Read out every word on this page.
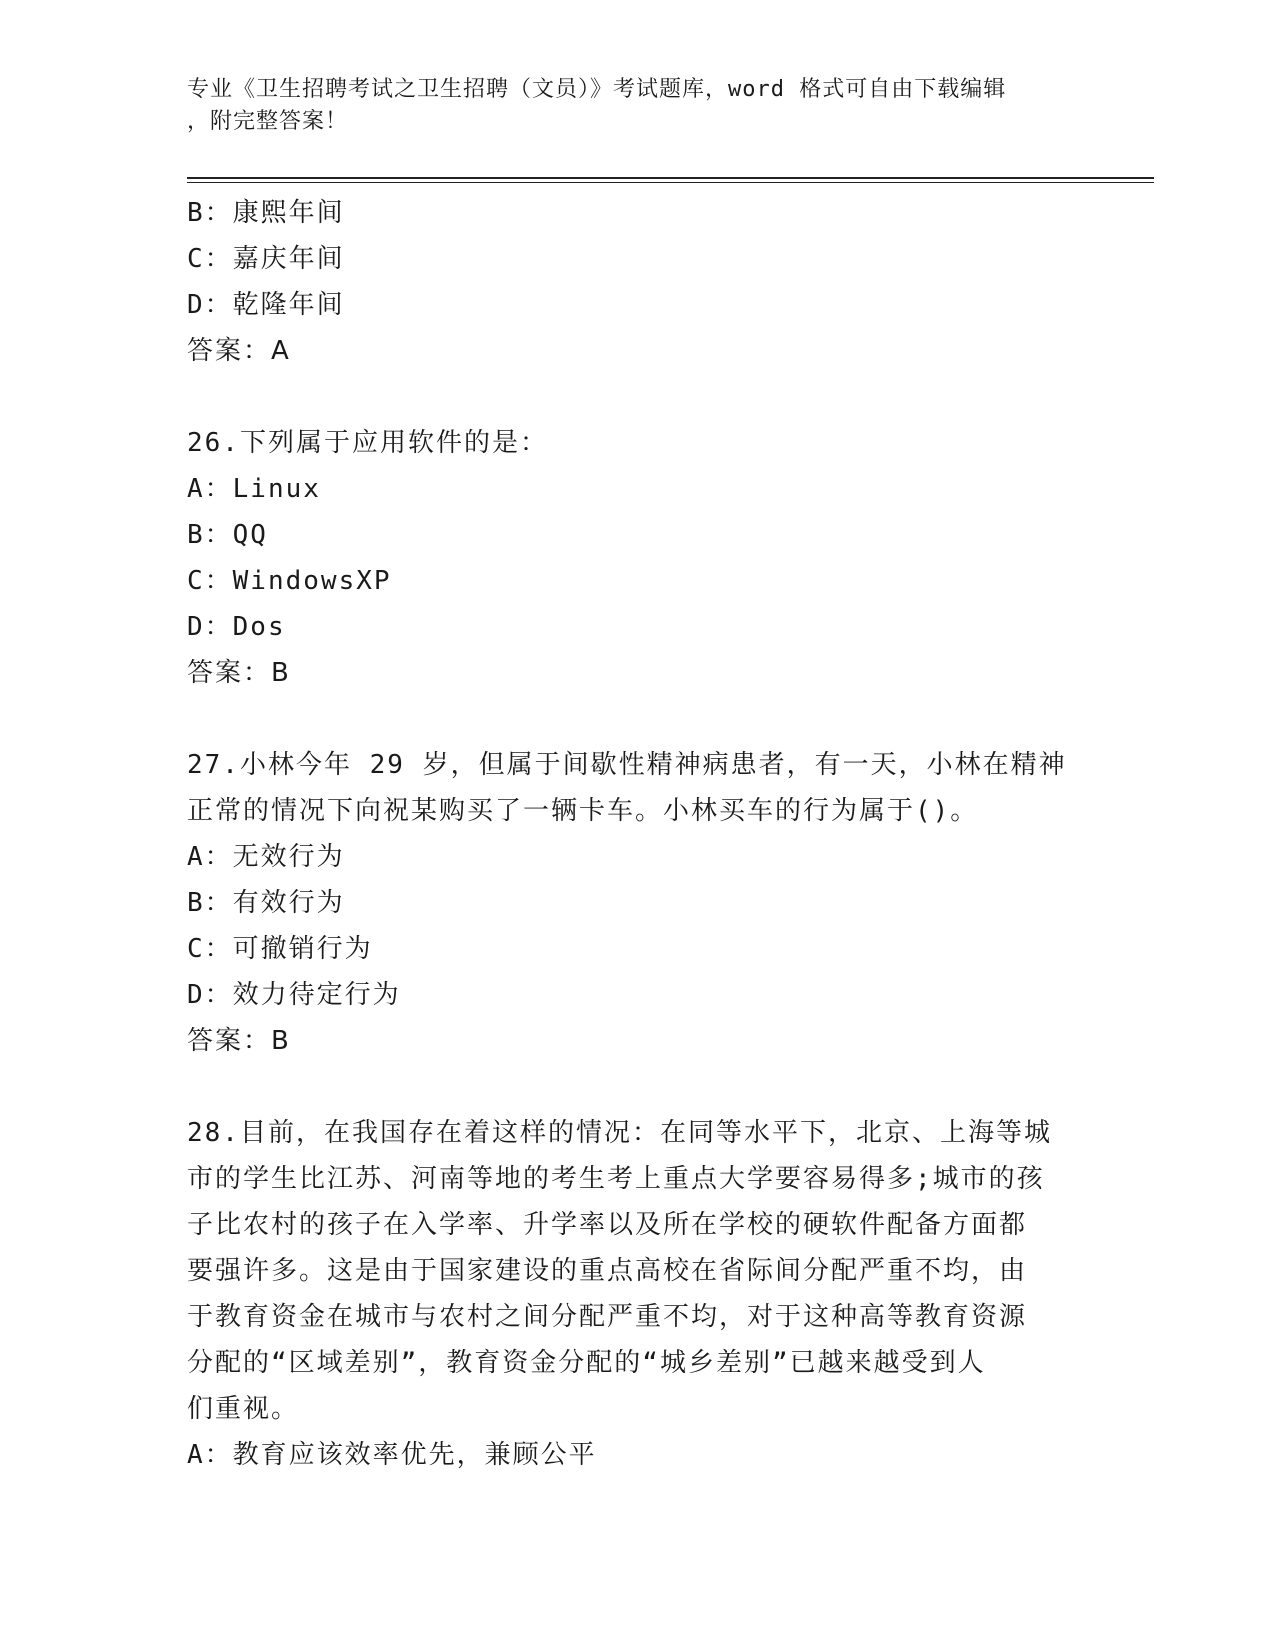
专业《卫生招聘考试之卫生招聘（文员）》考试题库，word 格式可自由下载编辑
，附完整答案！
B：康熙年间
C：嘉庆年间
D：乾隆年间
答案：A
26.下列属于应用软件的是：
A：Linux
B：QQ
C：WindowsXP
D：Dos
答案：B
27.小林今年 29 岁，但属于间歇性精神病患者，有一天，小林在精神
正常的情况下向祝某购买了一辆卡车。小林买车的行为属于()。
A：无效行为
B：有效行为
C：可撤销行为
D：效力待定行为
答案：B
28.目前，在我国存在着这样的情况：在同等水平下，北京、上海等城
市的学生比江苏、河南等地的考生考上重点大学要容易得多;城市的孩
子比农村的孩子在入学率、升学率以及所在学校的硬软件配备方面都
要强许多。这是由于国家建设的重点高校在省际间分配严重不均，由
于教育资金在城市与农村之间分配严重不均，对于这种高等教育资源
分配的“区域差别”，教育资金分配的“城乡差别”已越来越受到人
们重视。
A：教育应该效率优先，兼顾公平
